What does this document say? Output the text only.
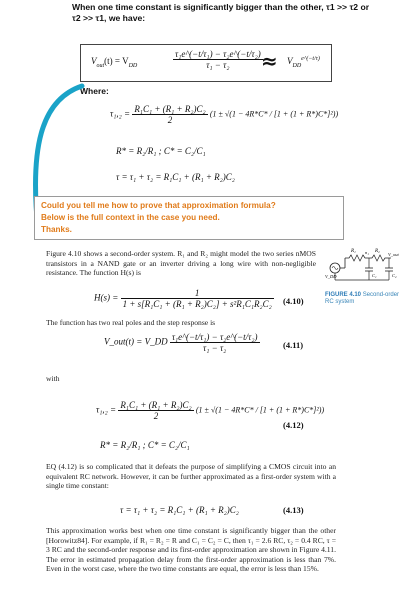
When one time constant is significantly bigger than the other, τ1 >> τ2 or
τ2 >> τ1, we have:
$V_{out}(t) = V_{DD}$	$\frac{\text{τ₁e\textasciicircum{}(−t/τ₁) − τ₂e\textasciicircum{}(−t/τ₂)}}{\text{τ₁ − τ₂}}$
≈ $V_{DD}^{e\^{}(-t/\tau)}$
Where:
$\tau_1,_2 = \frac{\text{R₁C₁ + (R₁ + R₂)C₂}}{2} (1 \pm √(1 - 4R*C* / [1 + (1 + R*)C*]^2))$
R* = R₂/R₁ ; C* = C₂/C₁
τ = τ₁ + τ₂ = R₁C₁ + (R₁ + R₂)C₂
Could you tell me how to prove that approximation formula?
Below is the full context in the case you need.
Thanks.
Figure 4.10 shows a second-order system. R₁ and R₂ might model the two series nMOS transistors in a NAND gate or an inverter driving a long wire with non-negligible resistance. The function H(s) is
R₁ n₁ R₂
V_DD
V_out
C₁	C₂
FIGURE 4.10 Second-order RC system
$H(s) = \frac{1}{\text{1 + s[R₁C₁ + (R₁ + R₂)C₂] + s²R₁C₁R₂C₂}} (4.10)$
The function has two real poles and the step response is
V_out(t) = V_DD $\frac{\text{τ₁e\textasciicircum{}(−t/τ₁) − τ₂e\textasciicircum{}(−t/τ₂)}}{\text{τ₁ − τ₂}}$	(4.11)
with
$\tau_1,_2 = \frac{\text{R₁C₁ + (R₁ + R₂)C₂}}{2} (1 \pm √(1 - 4R*C* / [1 + (1 + R*)C*]^2))$
R* = R₂/R₁ ; C* = C₂/C₁
(4.12)
EQ (4.12) is so complicated that it defeats the purpose of simplifying a CMOS circuit into an equivalent RC network. However, it can be further approximated as a first-order system with a single time constant:
τ = τ₁ + τ₂ = R₁C₁ + (R₁ + R₂)C₂	(4.13)
This approximation works best when one time constant is significantly bigger than the other [Horowitz84]. For example, if R₁ = R₂ = R and C₁ = C₂ = C, then τ₁ = 2.6 RC, τ₂ = 0.4 RC, τ = 3 RC and the second-order response and its first-order approximation are shown in Figure 4.11. The error in estimated propagation delay from the first-order approximation is less than 7%. Even in the worst case, where the two time constants are equal, the error is less than 15%.
